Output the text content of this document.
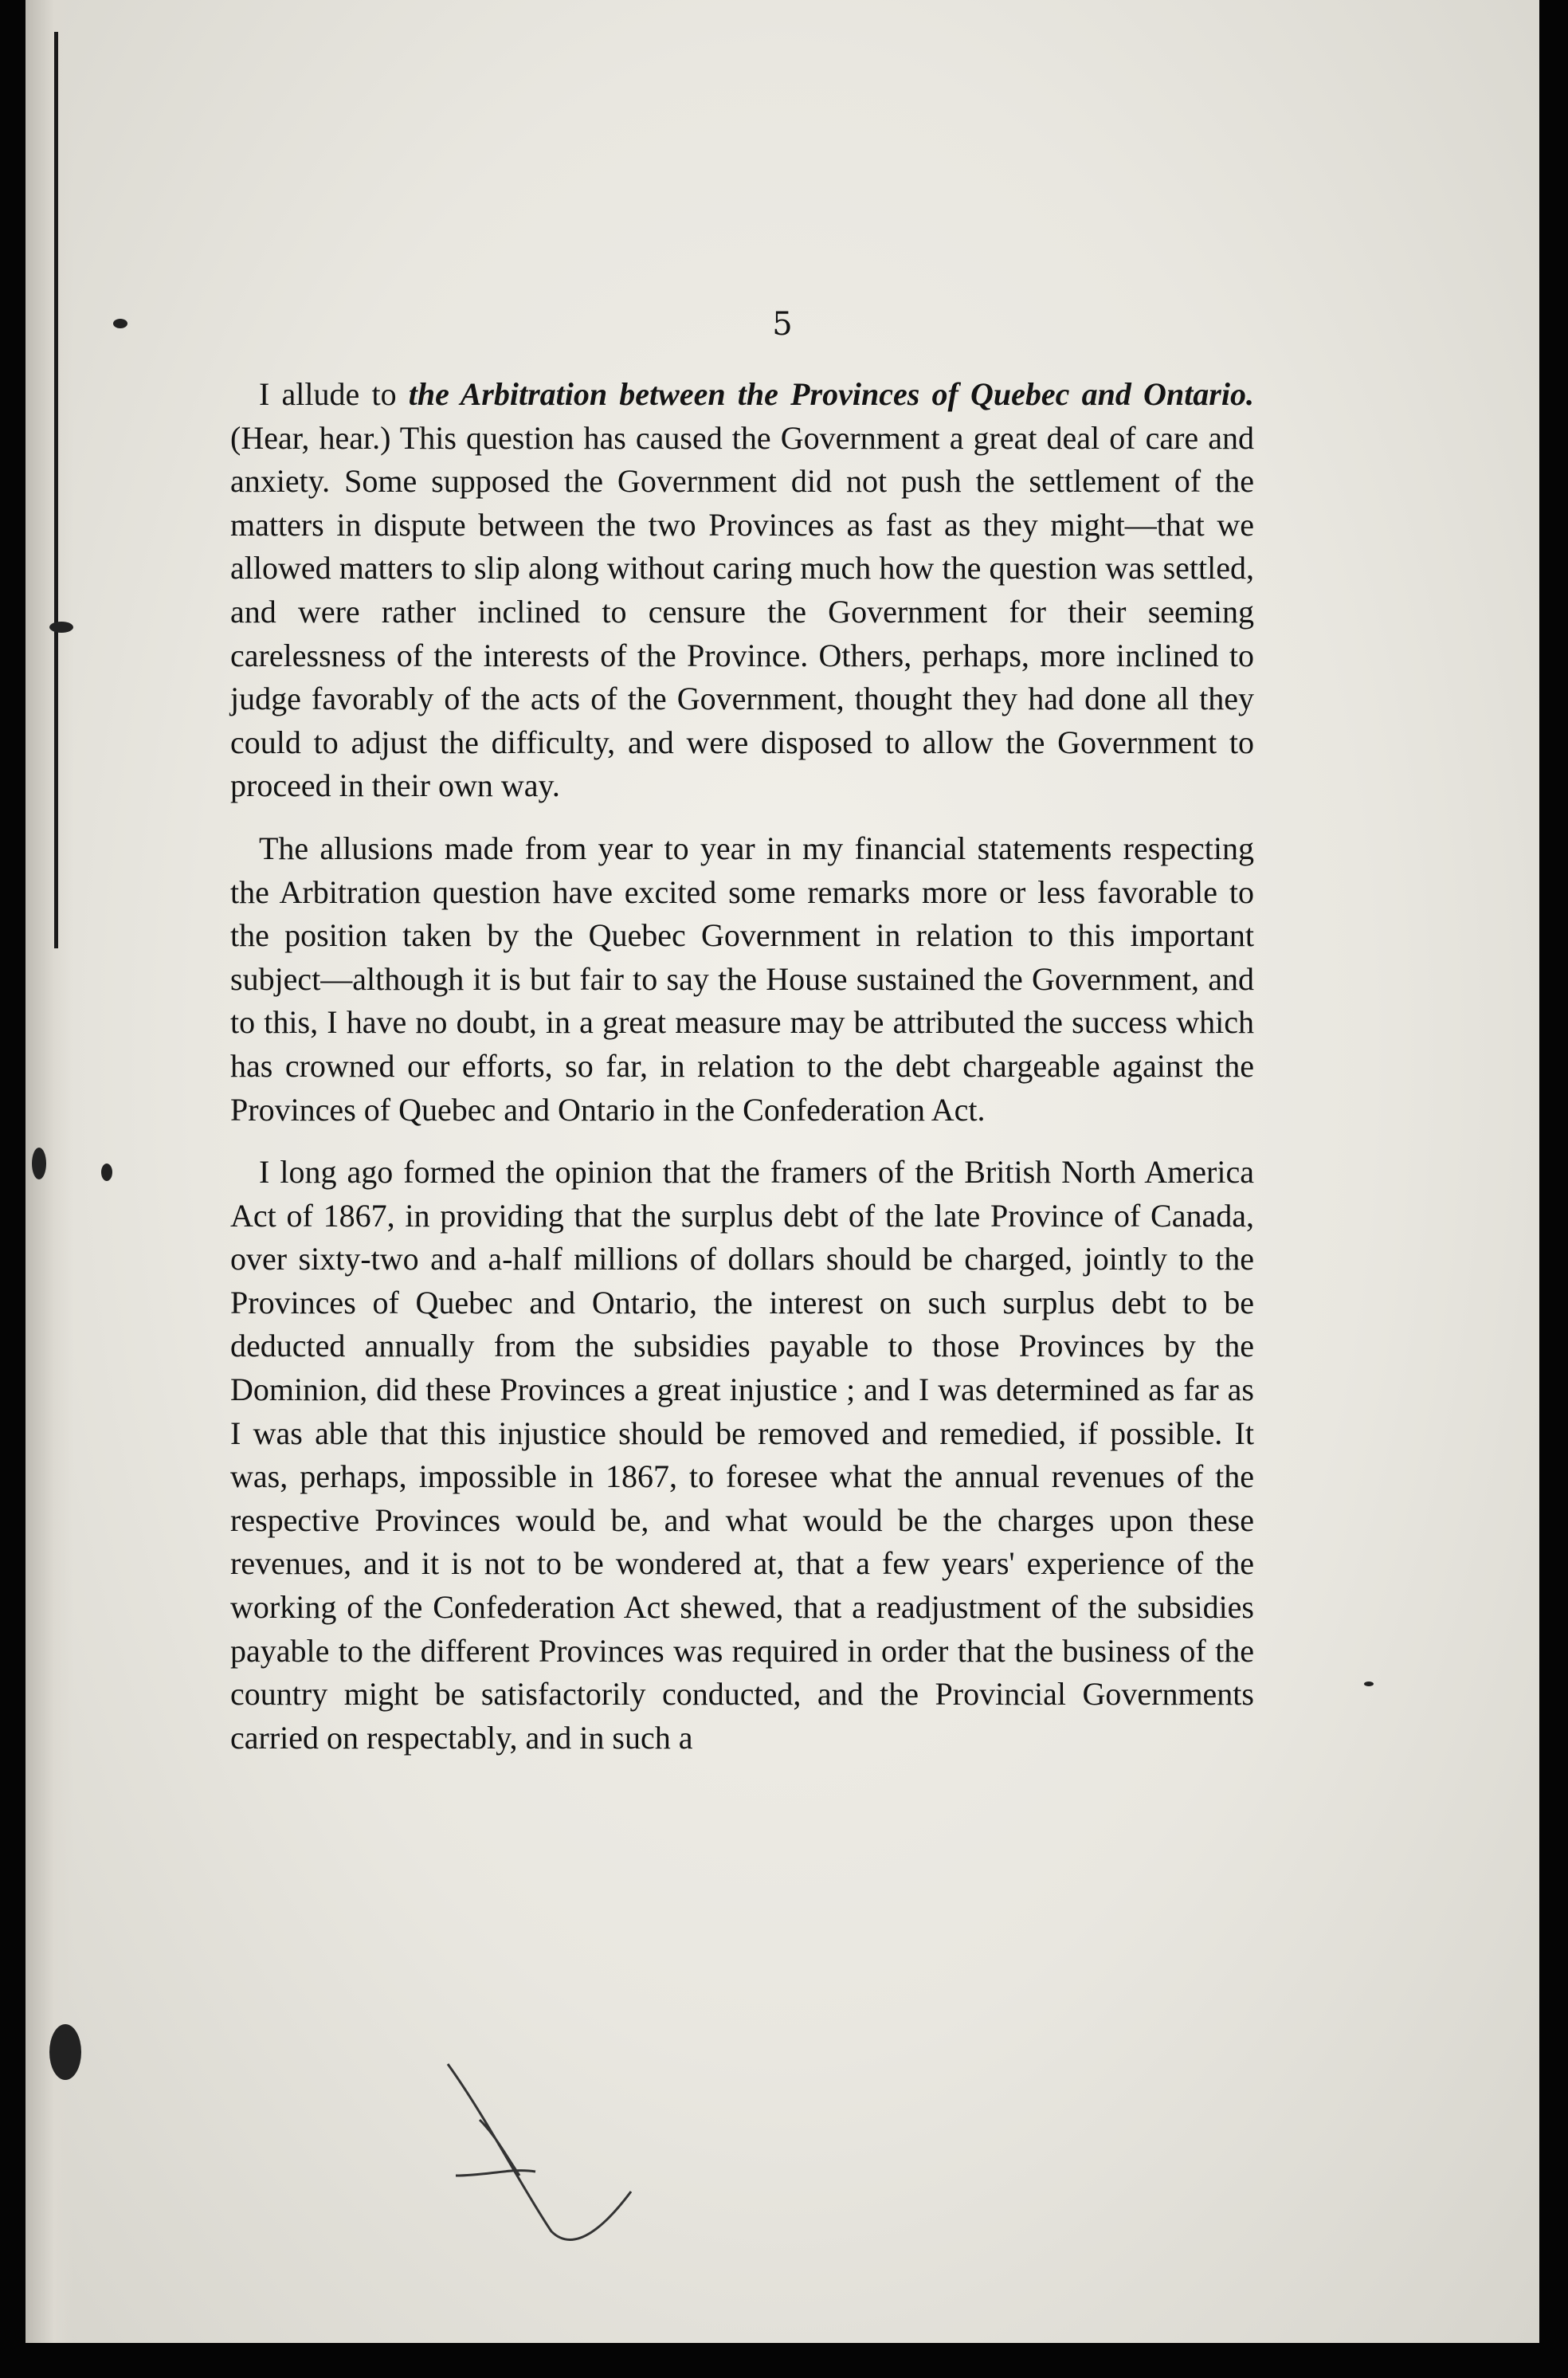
5

I allude to the Arbitration between the Provinces of Quebec and Ontario. (Hear, hear.) This question has caused the Government a great deal of care and anxiety. Some supposed the Government did not push the settlement of the matters in dispute between the two Provinces as fast as they might—that we allowed matters to slip along without caring much how the question was settled, and were rather inclined to censure the Government for their seeming carelessness of the interests of the Province. Others, perhaps, more inclined to judge favorably of the acts of the Government, thought they had done all they could to adjust the difficulty, and were disposed to allow the Government to proceed in their own way.

The allusions made from year to year in my financial statements respecting the Arbitration question have excited some remarks more or less favorable to the position taken by the Quebec Government in relation to this important subject—although it is but fair to say the House sustained the Government, and to this, I have no doubt, in a great measure may be attributed the success which has crowned our efforts, so far, in relation to the debt chargeable against the Provinces of Quebec and Ontario in the Confederation Act.

I long ago formed the opinion that the framers of the British North America Act of 1867, in providing that the surplus debt of the late Province of Canada, over sixty-two and a-half millions of dollars should be charged, jointly to the Provinces of Quebec and Ontario, the interest on such surplus debt to be deducted annually from the subsidies payable to those Provinces by the Dominion, did these Provinces a great injustice ; and I was determined as far as I was able that this injustice should be removed and remedied, if possible. It was, perhaps, impossible in 1867, to foresee what the annual revenues of the respective Provinces would be, and what would be the charges upon these revenues, and it is not to be wondered at, that a few years' experience of the working of the Confederation Act shewed, that a readjustment of the subsidies payable to the different Provinces was required in order that the business of the country might be satisfactorily conducted, and the Provincial Governments carried on respectably, and in such a
